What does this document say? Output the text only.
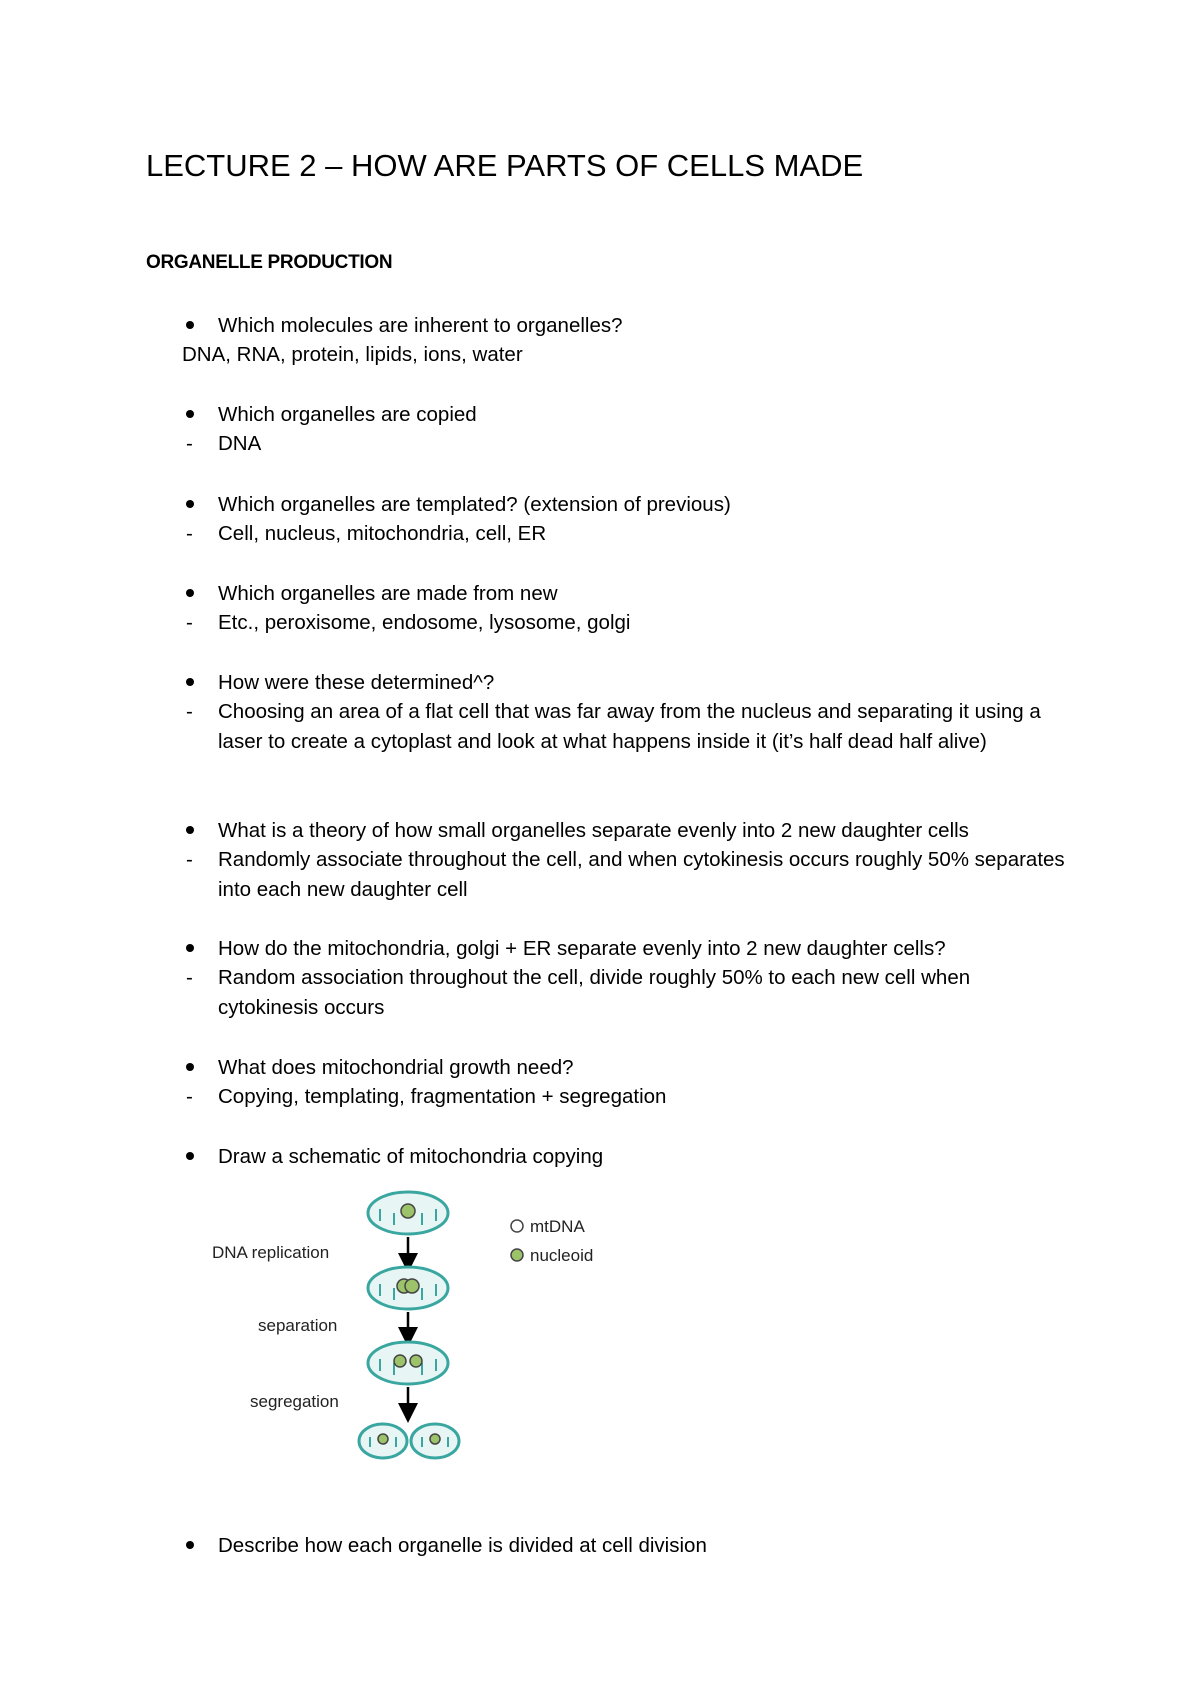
LECTURE 2 – HOW ARE PARTS OF CELLS MADE
ORGANELLE PRODUCTION
Which molecules are inherent to organelles?
DNA, RNA, protein, lipids, ions, water
Which organelles are copied
- DNA
Which organelles are templated? (extension of previous)
- Cell, nucleus, mitochondria, cell, ER
Which organelles are made from new
- Etc., peroxisome, endosome, lysosome, golgi
How were these determined^?
- Choosing an area of a flat cell that was far away from the nucleus and separating it using a laser to create a cytoplast and look at what happens inside it (it’s half dead half alive)
What is a theory of how small organelles separate evenly into 2 new daughter cells
- Randomly associate throughout the cell, and when cytokinesis occurs roughly 50% separates into each new daughter cell
How do the mitochondria, golgi + ER separate evenly into 2 new daughter cells?
- Random association throughout the cell, divide roughly 50% to each new cell when cytokinesis occurs
What does mitochondrial growth need?
- Copying, templating, fragmentation + segregation
Draw a schematic of mitochondria copying
DNA replication
separation
segregation
mtDNA
nucleoid
Describe how each organelle is divided at cell division
